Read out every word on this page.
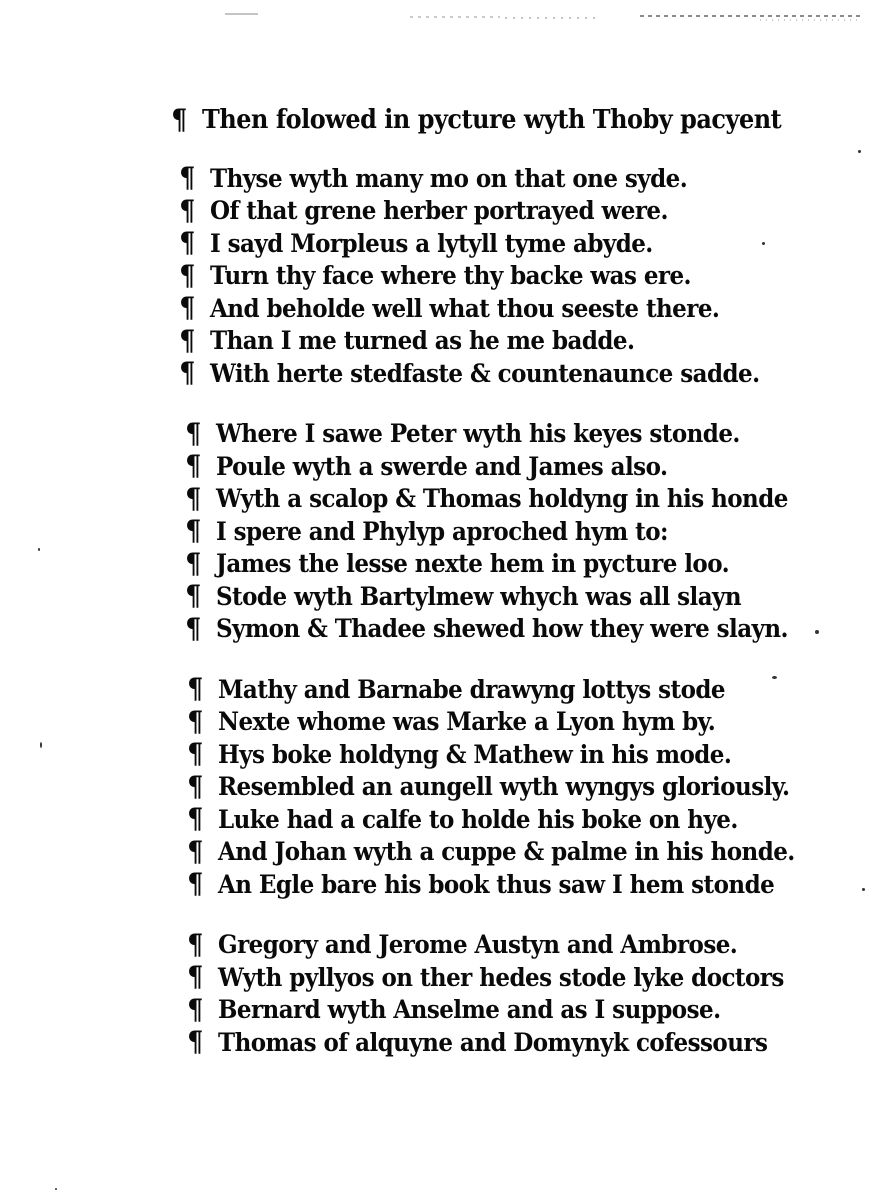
¶ Then folowed in pycture wyth Thoby pacyent
¶ Thyse wyth many mo on that one syde.
¶ Of that grene herber portrayed were.
¶ I sayd Morpleus a lytyll tyme abyde.
¶ Turn thy face where thy backe was ere.
¶ And beholde well what thou seeste there.
¶ Than I me turned as he me badde.
¶ With herte stedfaste & countenaunce sadde.
¶ Where I sawe Peter wyth his keyes stonde.
¶ Poule wyth a swerde and James also.
¶ Wyth a scalop & Thomas holdyng in his honde
¶ I spere and Phylyp aproched hym to:
¶ James the lesse nexte hem in pycture loo.
¶ Stode wyth Bartylmew whych was all slayn
¶ Symon & Thadee shewed how they were slayn.
¶ Mathy and Barnabe drawyng lottys stode
¶ Nexte whome was Marke a Lyon hym by.
¶ Hys boke holdyng & Mathew in his mode.
¶ Resembled an aungell wyth wyngys gloriously.
¶ Luke had a calfe to holde his boke on hye.
¶ And Johan wyth a cuppe & palme in his honde.
¶ An Egle bare his book thus saw I hem stonde
¶ Gregory and Jerome Austyn and Ambrose.
¶ Wyth pyllyos on ther hedes stode lyke doctors
¶ Bernard wyth Anselme and as I suppose.
¶ Thomas of alquyne and Domynyk cofessours
